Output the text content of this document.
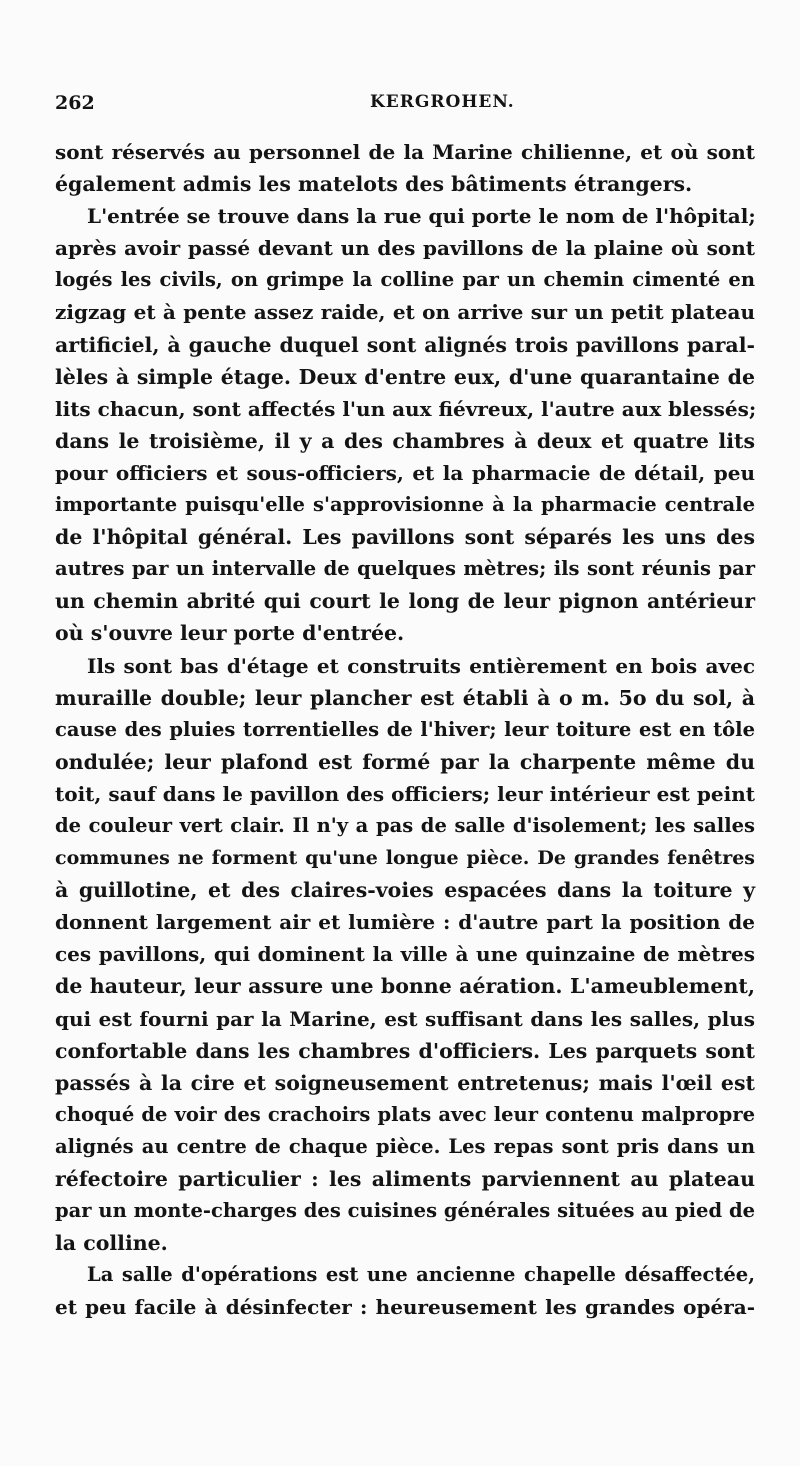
262	KERGROHEN.
sont réservés au personnel de la Marine chilienne, et où sont
également admis les matelots des bâtiments étrangers.
L'entrée se trouve dans la rue qui porte le nom de l'hôpital;
après avoir passé devant un des pavillons de la plaine où sont
logés les civils, on grimpe la colline par un chemin cimenté en
zigzag et à pente assez raide, et on arrive sur un petit plateau
artificiel, à gauche duquel sont alignés trois pavillons paral-
lèles à simple étage. Deux d'entre eux, d'une quarantaine de
lits chacun, sont affectés l'un aux fiévreux, l'autre aux blessés;
dans le troisième, il y a des chambres à deux et quatre lits
pour officiers et sous-officiers, et la pharmacie de détail, peu
importante puisqu'elle s'approvisionne à la pharmacie centrale
de l'hôpital général. Les pavillons sont séparés les uns des
autres par un intervalle de quelques mètres; ils sont réunis par
un chemin abrité qui court le long de leur pignon antérieur
où s'ouvre leur porte d'entrée.
Ils sont bas d'étage et construits entièrement en bois avec
muraille double; leur plancher est établi à o m. 5o du sol, à
cause des pluies torrentielles de l'hiver; leur toiture est en tôle
ondulée; leur plafond est formé par la charpente même du
toit, sauf dans le pavillon des officiers; leur intérieur est peint
de couleur vert clair. Il n'y a pas de salle d'isolement; les salles
communes ne forment qu'une longue pièce. De grandes fenêtres
à guillotine, et des claires-voies espacées dans la toiture y
donnent largement air et lumière : d'autre part la position de
ces pavillons, qui dominent la ville à une quinzaine de mètres
de hauteur, leur assure une bonne aération. L'ameublement,
qui est fourni par la Marine, est suffisant dans les salles, plus
confortable dans les chambres d'officiers. Les parquets sont
passés à la cire et soigneusement entretenus; mais l'œil est
choqué de voir des crachoirs plats avec leur contenu malpropre
alignés au centre de chaque pièce. Les repas sont pris dans un
réfectoire particulier : les aliments parviennent au plateau
par un monte-charges des cuisines générales situées au pied de
la colline.
La salle d'opérations est une ancienne chapelle désaffectée,
et peu facile à désinfecter : heureusement les grandes opéra-
